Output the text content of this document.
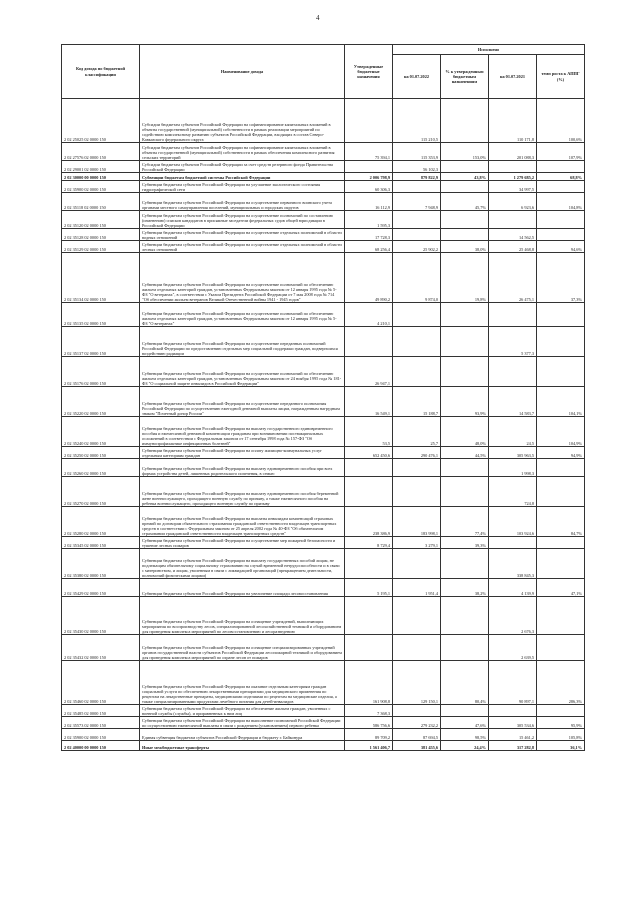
4
Код дохода по бюджетной классификации	Наименование дохода	Утвержденные бюджетные назначения	Исполнено			
			на 01.07.2022	% к утвержденным бюджетным назначениям	на 01.07.2021	темп роста к АППГ (%)
2 02 25025 02 0000 150	Субсидии бюджетам субъектов Российской Федерации на софинансирование капитальных вложений в объекты государственной (муниципальной) собственности в рамках реализации мероприятий по содействию комплексному развитию субъектов Российской Федерации, входящих в состав Северо-Кавказского федерального округа		115 210,5		110 171,8	100,6%
2 02 27576 02 0000 150	Субсидии бюджетам субъектов Российской Федерации на софинансирование капитальных вложений в объекты государственной (муниципальной) собственности в рамках обеспечения комплексного развития сельских территорий	75 394,1	115 353,9	153,0%	201 088,3	107,9%
2 02 29001 02 0000 150	Субсидии бюджетам субъектов Российской Федерации за счет средств резервного фонда Правительства Российской Федерации		56 102,3			
2 02 30000 00 0000 150	Субвенции бюджетам бюджетной системы Российской Федерации	2 006 798,9	879 822,9	43,8%	1 279 685,2	68,8%
2 02 35900 02 0000 150	Субвенции бюджетам субъектов Российской Федерации на улучшение экологического состояния гидрографической сети	60 306,3			34 997,5	
2 02 35118 02 0000 150	Субвенции бюджетам субъектов Российской Федерации на осуществление первичного воинского учета органами местного самоуправления поселений, муниципальных и городских округов	16 112,9	7 948,9	45,7%	6 923,6	104,8%
2 02 35120 02 0000 150	Субвенции бюджетам субъектов Российской Федерации на осуществление полномочий по составлению (изменению) списков кандидатов в присяжные заседатели федеральных судов общей юрисдикции в Российской Федерации	1 595,3				
2 02 35128 02 0000 150	Субвенции бюджетам субъектов Российской Федерации на осуществление отдельных полномочий в области водных отношений	17 728,3			14 562,5	
2 02 35129 02 0000 150	Субвенции бюджетам субъектов Российской Федерации на осуществление отдельных полномочий в области лесных отношений	68 256,4	25 902,2	38,0%	25 468,8	94,6%
2 02 35134 02 0000 150	Субвенции бюджетам субъектов Российской Федерации на осуществление полномочий по обеспечению жильем отдельных категорий граждан, установленных Федеральным законом от 12 января 1995 года № 5-ФЗ "О ветеранах", в соответствии с Указом Президента Российской Федерации от 7 мая 2008 года № 714 "Об обеспечении жильем ветеранов Великой Отечественной войны 1941 - 1945 годов"	49 890,2	9 874,0	19,8%	26 475,1	37,3%
2 02 35135 02 0000 150	Субвенции бюджетам субъектов Российской Федерации на осуществление полномочий по обеспечению жильем отдельных категорий граждан, установленных Федеральным законом от 12 января 1995 года № 5-ФЗ "О ветеранах"	4 210,1				
2 02 35137 02 0000 150	Субвенции бюджетам субъектов Российской Федерации на осуществление переданных полномочий Российской Федерации по предоставлению отдельных мер социальной поддержки граждан, подвергшихся воздействию радиации				5 377,3	
2 02 35176 02 0000 150	Субвенции бюджетам субъектов Российской Федерации на осуществление полномочий по обеспечению жильем отдельных категорий граждан, установленных Федеральным законом от 24 ноября 1995 года № 181-ФЗ "О социальной защите инвалидов в Российской Федерации"	26 947,1				
2 02 35220 02 0000 150	Субвенции бюджетам субъектов Российской Федерации на осуществление переданного полномочия Российской Федерации по осуществлению ежегодной денежной выплаты лицам, награжденным нагрудным знаком "Почетный донор России"	16 549,1	15 188,7	93,9%	14 583,7	104,1%
2 02 35240 02 0000 150	Субвенции бюджетам субъектов Российской Федерации на выплату государственного единовременного пособия и ежемесячной денежной компенсации гражданам при возникновении поствакцинальных осложнений в соответствии с Федеральным законом от 17 сентября 1998 года № 157-ФЗ "Об иммунопрофилактике инфекционных болезней"	53,5	25,7	48,0%	24,5	104,9%
2 02 35250 02 0000 150	Субвенции бюджетам субъектов Российской Федерации на оплату жилищно-коммунальных услуг отдельным категориям граждан	652 450,6	290 476,1	44,5%	305 963,5	94,9%
2 02 35260 02 0000 150	Субвенции бюджетам субъектов Российской Федерации на выплату единовременного пособия при всех формах устройства детей, лишенных родительского попечения, в семью				1 998,3	
2 02 35270 02 0000 150	Субвенции бюджетам субъектов Российской Федерации на выплату единовременного пособия беременной жене военнослужащего, проходящего военную службу по призыву, а также ежемесячного пособия на ребенка военнослужащего, проходящего военную службу по призыву				724,8	
2 02 35280 02 0000 150	Субвенции бюджетам субъектов Российской Федерации на выплаты инвалидам компенсаций страховых премий по договорам обязательного страхования гражданской ответственности владельцев транспортных средств в соответствии с Федеральным законом от 25 апреля 2002 года № 40-ФЗ "Об обязательном страховании гражданской ответственности владельцев транспортных средств"	238 386,9	183 998,1	77,4%	103 924,6	84,7%
2 02 35345 02 0000 150	Субвенции бюджетам субъектов Российской Федерации на осуществление мер пожарной безопасности и тушение лесных пожаров	8 729,4	3 279,1	39,3%		
2 02 35380 02 0000 150	Субвенции бюджетам субъектов Российской Федерации на выплату государственных пособий лицам, не подлежащим обязательному социальному страхованию на случай временной нетрудоспособности и в связи с материнством, и лицам, уволенным в связи с ликвидацией организаций (прекращением деятельности, полномочий физическими лицами)				338 845,3	
2 02 35429 02 0000 150	Субвенции бюджетам субъектов Российской Федерации на увеличение площади лесовосстановления	5 195,1	1 951,4	38,2%	4 139,9	47,1%
2 02 35430 02 0000 150	Субвенции бюджетам субъектов Российской Федерации на оснащение учреждений, выполняющих мероприятия по воспроизводству лесов, специализированной лесохозяйственной техникой и оборудованием для проведения комплекса мероприятий по лесовосстановлению и лесоразведению				2 676,3	
2 02 35432 02 0000 150	Субвенции бюджетам субъектов Российской Федерации на оснащение специализированных учреждений органов государственной власти субъектов Российской Федерации лесопожарной техникой и оборудованием для проведения комплекса мероприятий по охране лесов от пожаров				2 639,5	
2 02 35460 02 0000 150	Субвенции бюджетам субъектов Российской Федерации на оказание отдельным категориям граждан социальной услуги по обеспечению лекарственными препаратами для медицинского применения по рецептам на лекарственные препараты, медицинскими изделиями по рецептам на медицинские изделия, а также специализированными продуктами лечебного питания для детей-инвалидов	161 908,8	129 150,1	80,4%	90 897,1	286,3%
2 02 35485 02 0000 150	Субвенции бюджетам субъектов Российской Федерации на обеспечение жильем граждан, уволенных с военной службы (службы), и приравненных к ним лиц	7 368,3				
2 02 35573 02 0000 150	Субвенции бюджетам субъектов Российской Федерации на выполнение полномочий Российской Федерации по осуществлению ежемесячной выплаты в связи с рождением (усыновлением) первого ребенка	586 756,6	279 232,2	47,6%	305 534,6	95,9%
2 02 35900 02 0000 150	Единая субвенция бюджетам субъектов Российской Федерации и бюджету г. Байконура	89 709,2	87 694,5	98,5%	15 461,2	105,8%
2 02 40000 00 0000 150	Иные межбюджетные трансферты	1 561 406,7	381 455,6	24,4%	317 282,8	36,1%
